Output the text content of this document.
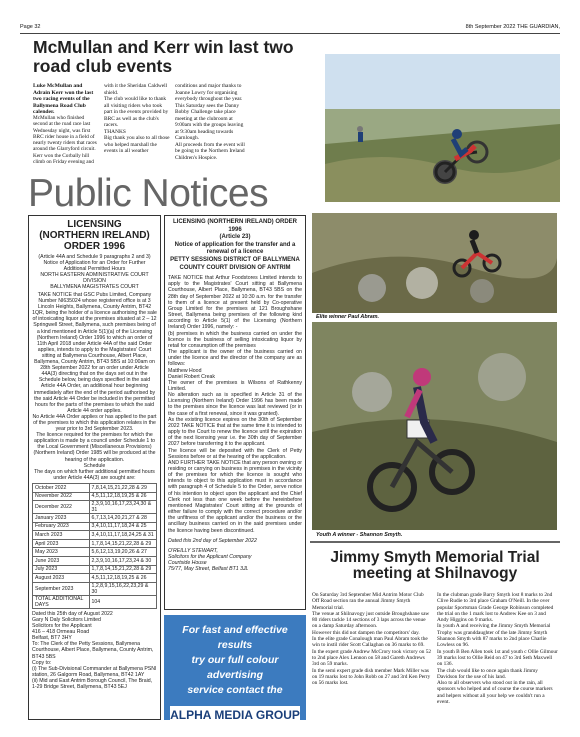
Page 32	8th September 2022 THE GUARDIAN,
McMullan and Kerr win last two road club events
Luke McMullan and Adrain Kerr won the last two racing events of the Ballymena Road Club calender.
McMullan who finished second at the road race last Wednesday night, was first BRC rider house in a field of nearly twenty riders that races around the Glarryford circuit.
Kerr won the Corbally hill climb on Friday evening and
with it the Sheridan Caldwell shield.
The club would like to thank all visiting riders who took part in the events provided by BRC as well as the club's racers.
THANKS
Big thank you also to all those who helped marshall the events in all weather
conditions and major thanks to Joanne Lowry for organising everybody throughout the year.
This Saturday sees the Danny Bobby Challenge take place meeting at the clubroom at 9:00am with the groups leaving at 9:30am heading towards Carnlough.
All proceeds from the event will be going to the Northern Ireland Children's Hospice.
Public Notices
LICENSING
(NORTHERN IRELAND)
ORDER 1996
(Article 44A and Schedule 9 paragraphs 2 and 3)
Notice of Application for an Order for Further Additional Permitted Hours
NORTH EASTERN ADMINISTRATIVE COURT DIVISION
BALLYMENA MAGISTRATES COURT
TAKE NOTICE that GSC Pubs Limited, Company Number NI635024 whose registered office is at 3 Lincoln Heights, Ballymena, County Antrim, BT42 1QR, being the holder of a licence authorising the sale of intoxicating liquor at the premises situated at 2 – 12 Springwell Street, Ballymena, such premises being of a kind mentioned in Article 5(1)(a) of the Licensing (Northern Ireland) Order 1996 to which an order of 11th April 2018 under Article 44A of the said Order applies, intends to apply to the Magistrates' Court sitting at Ballymena Courthouse, Albert Place, Ballymena, County Antrim, BT43 5BS at 10:00am on 28th September 2022 for an order under Article 44A(3) directing that on the days set out in the Schedule below, being days specified in the said Article 44A Order, an additional hour beginning immediately after the end of the period authorised by the said Article 44 Order be included in the permitted hours for the parts of the premises to which the said Article 44 order applies.
No Article 44A Order applies or has applied to the part of the premises to which this application relates in the year prior to 3rd September 2023.
The licence required for the premises for which the application is made by a council under Schedule 1 to the Local Government (Miscellaneous Provisions)(Northern Ireland) Order 1985 will be produced at the hearing of the application.
Schedule
The days on which further additional permitted hours under Article 44A(3) are sought are:
October 2022	7,8,14,15,21,22,28 & 29
November 2022	4,5,11,12,18,19,25 & 26
December 2022	2,3,9,10,16,17,23,24,30 & 31
January 2023	6,7,13,14,20,21,27 & 28
February 2023	3,4,10,11,17,18,24 & 25
March 2023	3,4,10,11,17,18,24,25 & 31
April 2023	1,7,8,14,15,21,22,28 & 29
May 2023	5,6,12,13,19,20,26 & 27
June 2023	2,3,9,10,16,17,23,24 & 30
July 2023	1,7,8,14,15,21,22,28 & 29
August 2023	4,5,11,12,18,19,25 & 26
September 2023	1,2,8,9,15,16,22,23,29 & 30
TOTAL ADDITIONAL DAYS	104
Dated this 25th day of August 2022
Gary N Daly Solicitors Limited
Solicitors for the Applicant
416 – 418 Ormeau Road
Belfast, BT7 3HY
To: The Clerk of the Petty Sessions, Ballymena Courthouse, Albert Place, Ballymena, County Antrim, BT43 5BS
Copy to:
(i) The Sub-Divisional Commander at Ballymena PSNI station, 26 Galgorm Road, Ballymena, BT42 1AY
(ii) Mid and East Antrim Borough Council, The Braid, 1-29 Bridge Street, Ballymena, BT43 5EJ
LICENSING (NORTHERN IRELAND) ORDER 1996
(Article 23)
Notice of application for the transfer and a renewal of a licence
PETTY SESSIONS DISTRICT OF BALLYMENA
COUNTY COURT DIVISION OF ANTRIM
TAKE NOTICE that Arthur Foodstores Limited intends to apply to the Magistrates' Court sitting at Ballymena Courthouse, Albert Place, Ballymena, BT43 5BS on the 28th day of September 2022 at 10:30 a.m. for the transfer to them of a licence at present held by Co-operative Group Limited for the premises at 121 Broughshane Street, Ballymena being premises of the following kind according to Article 5(1) of the Licensing (Northern Ireland) Order 1996, namely: -
(b) premises in which the business carried on under the licence is the business of selling intoxicating liquor by retail for consumption off the premises
The applicant is the owner of the business carried on under the licence and the director of the company are as follows:
Matthew Hood
Daniel Robert Creak
The owner of the premises is Wilsons of Rathkenny Limited.
No alteration such as is specified in Article 31 of the Licensing (Northern Ireland) Order 1996 has been made to the premises since the licence was last reviewed (or in the case of a first renewal, since it was granted).
As the existing licence expires on the 30th of September 2022 TAKE NOTICE that at the same time it is intended to apply to the Court to renew the licence until the expiration of the next licensing year i.e. the 30th day of September 2027 before transferring it to the applicant.
The licence will be deposited with the Clerk of Petty Sessions before or at the hearing of the application.
AND FURTHER TAKE NOTICE that any person owning or residing or carrying on business in premises in the vicinity of the premises for which the licence is sought who intends to object to this application must in accordance with paragraph 4 of Schedule 5 to the Order, serve notice of his intention to object upon the applicant and the Chief Clerk not less than one week before the hereinbefore mentioned Magistrates' Court sitting at the grounds of either failure to comply with the correct procedure and/or the unfitness of the applicant and/or the business or the ancillary business carried on in the said premises under the licence having been discontinued.
Dated this 2nd day of September 2022
O'REILLY STEWART,
Solicitors for the Applicant Company
Courtside House
75/77, May Street, Belfast BT1 3JL
For fast and effective results
try our full colour advertising
service contact the
ALPHA MEDIA GROUP
Elite winner Paul Abram.
Youth A winner - Shannon Smyth.
Jimmy Smyth Memorial Trial meeting at Shilnavogy
On Saturday 3rd September Mid Antrim Motor Club Off Road section ran the annual Jimmy Smyth Memorial trial.
The venue at Shilnavogy just outside Broughshane saw 80 riders tackle 14 sections of 3 laps across the venue on a damp Saturday afternoon.
However this did not dampen the competitors' day.
In the elite grade Conalough man Paul Abram took the win to instil rider Scott Callaghan on 36 marks to 69.
In the expert grade Andrew McCrory took victory on 52 to 2nd place Alex Lennon on 58 and Gareth Andrews 3rd on 59 marks.
In the semi expert grade dish member Mark Miller was on 19 marks lost to John Robb on 27 and 3rd Ken Perry on 56 marks lost.
In the clubman grade Barry Smyth lost 8 marks to 2nd Clive Rudie to 3rd place Graham O'Neill. In the over popular Sportsman Grade George Robinson completed the trial on the 1 mark lost to Andrew Kee on 3 and Andy Higgins on 9 marks.
In youth A and receiving the Jimmy Smyth Memorial Trophy was granddaughter of the late Jimmy Smyth Shannon Smyth with 87 marks to 2nd place Charlie Lowless on 96.
In youth B Ben Allen took 1st and youth c Ollie Gilmour 39 marks lost to Ollie Reid on 47 to 3rd Seth Maxwell on 136.
The club would like to once again thank Jimmy Davidson for the use of his land.
Also to all observers who stood out in the rain, all sponsors who helped and of course the course markers and helpers without all your help we couldn't run a event.
